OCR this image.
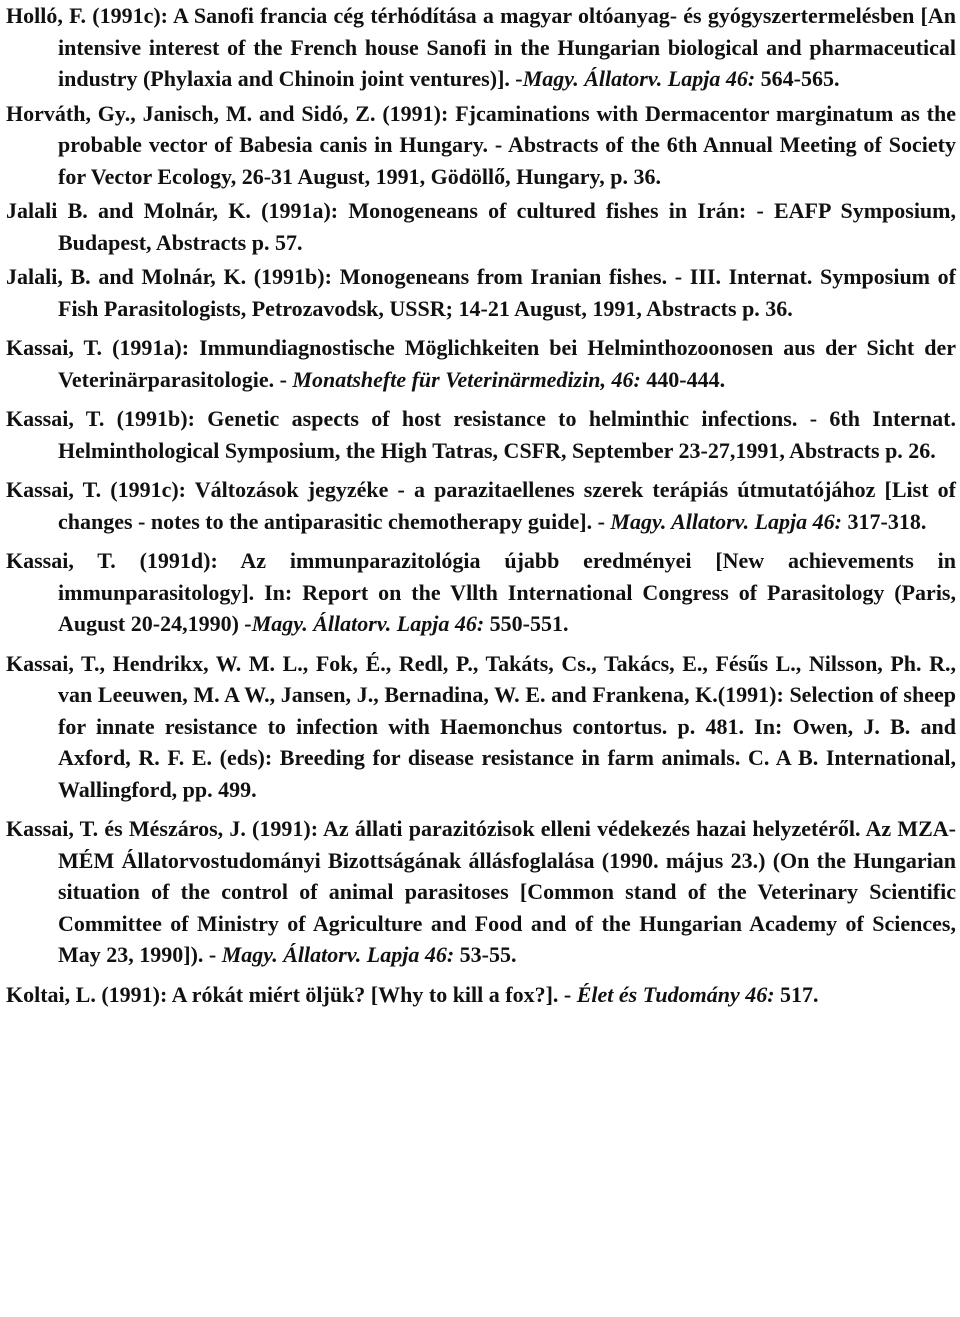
Holló, F. (1991c): A Sanofi francia cég térhódítása a magyar oltóanyag- és gyógyszertermelésben [An intensive interest of the French house Sanofi in the Hungarian biological and pharmaceutical industry (Phylaxia and Chinoin joint ventures)]. -Magy. Állatorv. Lapja 46: 564-565.

Horváth, Gy., Janisch, M. and Sidó, Z. (1991): Fjcaminations with Dermacentor marginatum as the probable vector of Babesia canis in Hungary. - Abstracts of the 6th Annual Meeting of Society for Vector Ecology, 26-31 August, 1991, Gödöllő, Hungary, p. 36.

Jalali B. and Molnár, K. (1991a): Monogeneans of cultured fishes in Irán: - EAFP Symposium, Budapest, Abstracts p. 57.

Jalali, B. and Molnár, K. (1991b): Monogeneans from Iranian fishes. - III. Internat. Symposium of Fish Parasitologists, Petrozavodsk, USSR; 14-21 August, 1991, Abstracts p. 36.

Kassai, T. (1991a): Immundiagnostische Möglichkeiten bei Helminthozoonosen aus der Sicht der Veterinärparasitologie. - Monatshefte für Veterinärmedizin, 46: 440-444.

Kassai, T. (1991b): Genetic aspects of host resistance to helminthic infections. - 6th Internat. Helminthological Symposium, the High Tatras, CSFR, September 23-27,1991, Abstracts p. 26.

Kassai, T. (1991c): Változások jegyzéke - a parazitaellenes szerek terápiás útmutatójához [List of changes - notes to the antiparasitic chemotherapy guide]. - Magy. Allatorv. Lapja 46: 317-318.

Kassai, T. (1991d): Az immunparazitológia újabb eredményei [New achievements in immunparasitology]. In: Report on the Vllth International Congress of Parasitology (Paris, August 20-24,1990) -Magy. Állatorv. Lapja 46: 550-551.

Kassai, T., Hendrikx, W. M. L., Fok, É., Redl, P., Takáts, Cs., Takács, E., Fésűs L., Nilsson, Ph. R., van Leeuwen, M. A W., Jansen, J., Bernadina, W. E. and Frankena, K.(1991): Selection of sheep for innate resistance to infection with Haemonchus contortus. p. 481. In: Owen, J. B. and Axford, R. F. E. (eds): Breeding for disease resistance in farm animals. C. A B. International, Wallingford, pp. 499.

Kassai, T. és Mészáros, J. (1991): Az állati parazitózisok elleni védekezés hazai helyzetéről. Az MZA-MÉM Állatorvostudományi Bizottságának állásfoglalása (1990. május 23.) (On the Hungarian situation of the control of animal parasitoses [Common stand of the Veterinary Scientific Committee of Ministry of Agriculture and Food and of the Hungarian Academy of Sciences, May 23, 1990]). - Magy. Állatorv. Lapja 46: 53-55.

Koltai, L. (1991): A rókát miért öljük? [Why to kill a fox?]. - Élet és Tudomány 46: 517.
